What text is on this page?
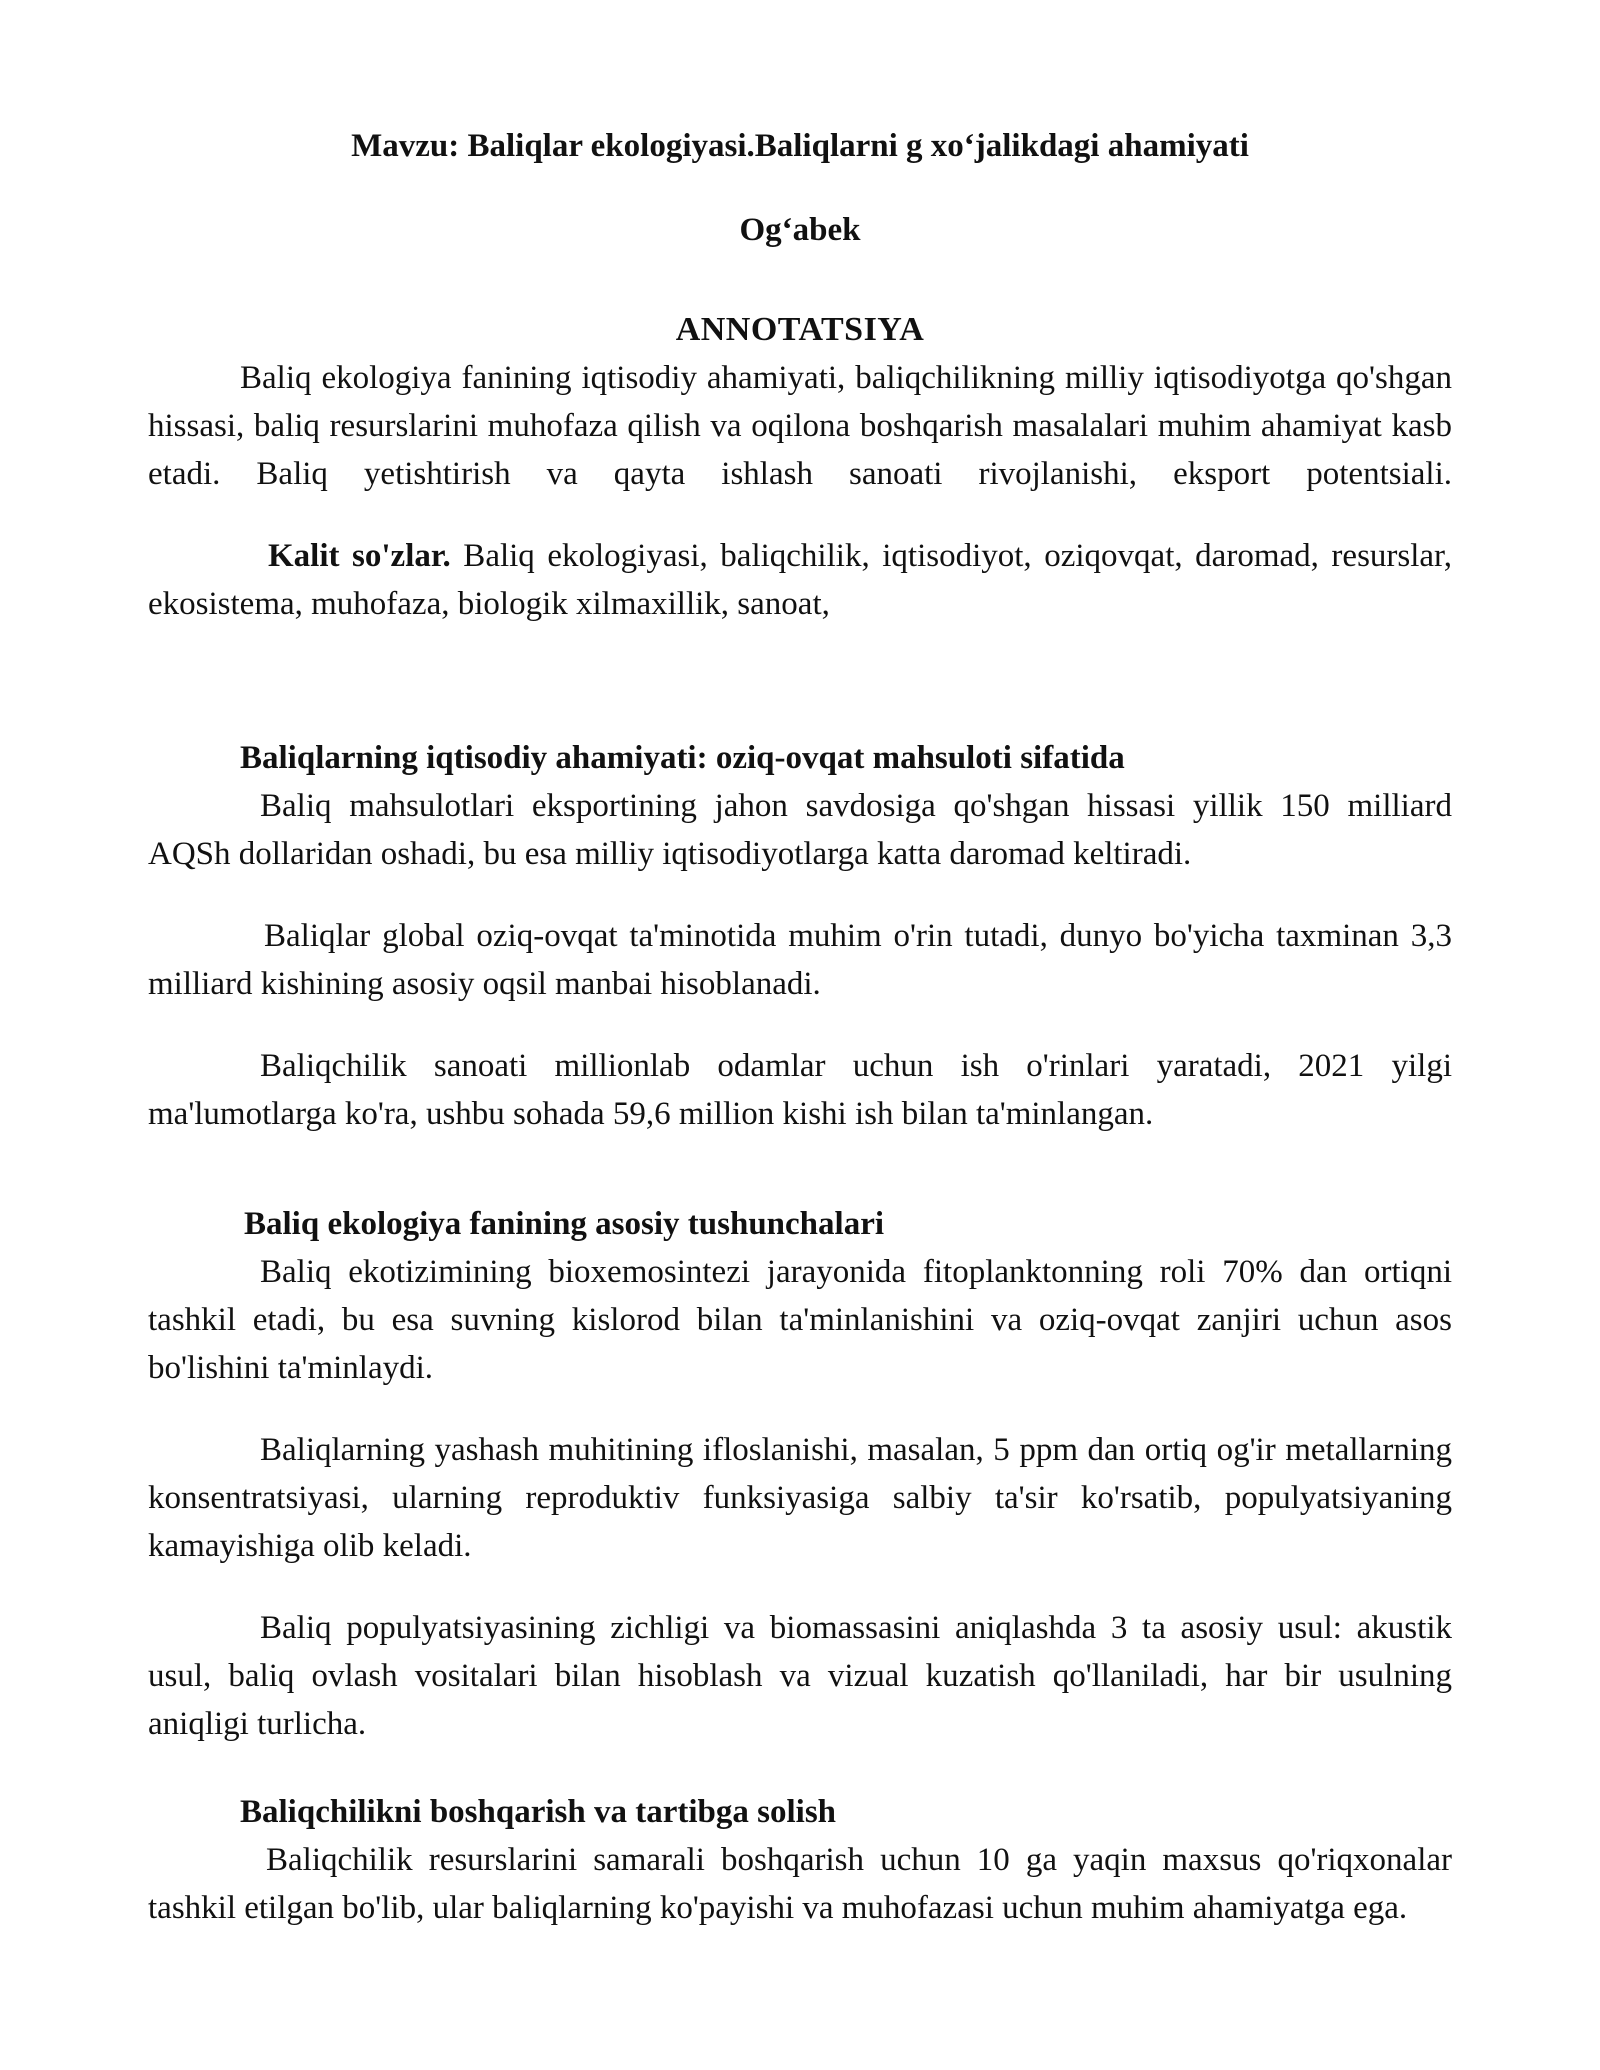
Mavzu: Baliqlar ekologiyasi.Baliqlarni g xo‘jalikdagi ahamiyati
Og‘abek
ANNOTATSIYA

Baliq ekologiya fanining iqtisodiy ahamiyati, baliqchilikning milliy iqtisodiyotga qo'shgan hissasi, baliq resurslarini muhofaza qilish va oqilona boshqarish masalalari muhim ahamiyat kasb etadi. Baliq yetishtirish va qayta ishlash sanoati rivojlanishi, eksport potentsiali.

Kalit so'zlar. Baliq ekologiyasi, baliqchilik, iqtisodiyot, oziqovqat, daromad, resurslar, ekosistema, muhofaza, biologik xilmaxillik, sanoat,

Baliqlarning iqtisodiy ahamiyati: oziq-ovqat mahsuloti sifatida

Baliq mahsulotlari eksportining jahon savdosiga qo'shgan hissasi yillik 150 milliard AQSh dollaridan oshadi, bu esa milliy iqtisodiyotlarga katta daromad keltiradi.

Baliqlar global oziq-ovqat ta'minotida muhim o'rin tutadi, dunyo bo'yicha taxminan 3,3 milliard kishining asosiy oqsil manbai hisoblanadi.

Baliqchilik sanoati millionlab odamlar uchun ish o'rinlari yaratadi, 2021 yilgi ma'lumotlarga ko'ra, ushbu sohada 59,6 million kishi ish bilan ta'minlangan.

Baliq ekologiya fanining asosiy tushunchalari

Baliq ekotizimining bioxemosintezi jarayonida fitoplanktonning roli 70% dan ortiqni tashkil etadi, bu esa suvning kislorod bilan ta'minlanishini va oziq-ovqat zanjiri uchun asos bo'lishini ta'minlaydi.

Baliqlarning yashash muhitining ifloslanishi, masalan, 5 ppm dan ortiq og'ir metallarning konsentratsiyasi, ularning reproduktiv funksiyasiga salbiy ta'sir ko'rsatib, populyatsiyaning kamayishiga olib keladi.

Baliq populyatsiyasining zichligi va biomassasini aniqlashda 3 ta asosiy usul: akustik usul, baliq ovlash vositalari bilan hisoblash va vizual kuzatish qo'llaniladi, har bir usulning aniqligi turlicha.

Baliqchilikni boshqarish va tartibga solish

Baliqchilik resurslarini samarali boshqarish uchun 10 ga yaqin maxsus qo'riqxonalar tashkil etilgan bo'lib, ular baliqlarning ko'payishi va muhofazasi uchun muhim ahamiyatga ega.
